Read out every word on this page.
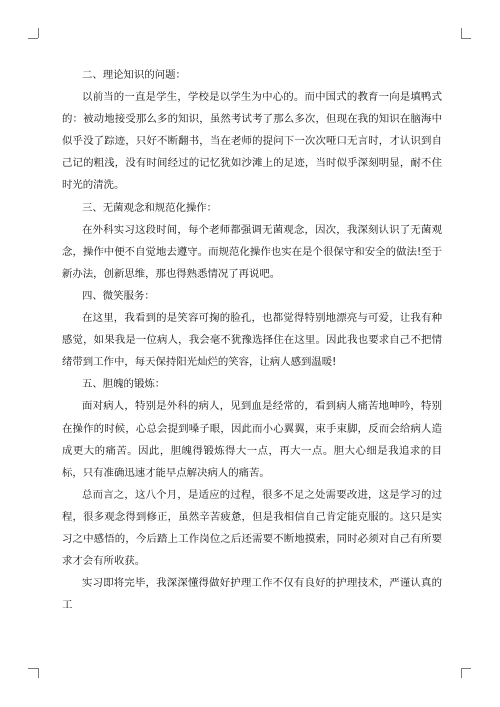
二、理论知识的问题：

以前当的一直是学生，学校是以学生为中心的。而中国式的教育一向是填鸭式的：被动地接受那么多的知识，虽然考试考了那么多次，但现在我的知识在脑海中似乎没了踪迹，只好不断翻书，当在老师的提问下一次次哑口无言时，才认识到自己记的粗浅，没有时间经过的记忆犹如沙滩上的足迹，当时似乎深刻明显，耐不住时光的清洗。

三、无菌观念和规范化操作：

在外科实习这段时间，每个老师都强调无菌观念，因次，我深刻认识了无菌观念，操作中便不自觉地去遵守。而规范化操作也实在是个很保守和安全的做法!至于新办法，创新思维，那也得熟悉情况了再说吧。

四、微笑服务：

在这里，我看到的是笑容可掬的脸孔，也都觉得特别地漂亮与可爱，让我有种感觉，如果我是一位病人，我会毫不犹豫选择住在这里。因此我也要求自己不把情绪带到工作中，每天保持阳光灿烂的笑容，让病人感到温暖!

五、胆魄的锻炼：

面对病人，特别是外科的病人，见到血是经常的，看到病人痛苦地呻吟，特别在操作的时候，心总会提到嗓子眼，因此而小心翼翼，束手束脚，反而会给病人造成更大的痛苦。因此，胆魄得锻炼得大一点，再大一点。胆大心细是我追求的目标，只有准确迅速才能早点解决病人的痛苦。

总而言之，这八个月，是适应的过程，很多不足之处需要改进，这是学习的过程，很多观念得到修正，虽然辛苦疲惫，但是我相信自己肯定能克服的。这只是实习之中感悟的，今后踏上工作岗位之后还需要不断地摸索，同时必须对自己有所要求才会有所收获。

实习即将完毕，我深深懂得做好护理工作不仅有良好的护理技术，严谨认真的工
